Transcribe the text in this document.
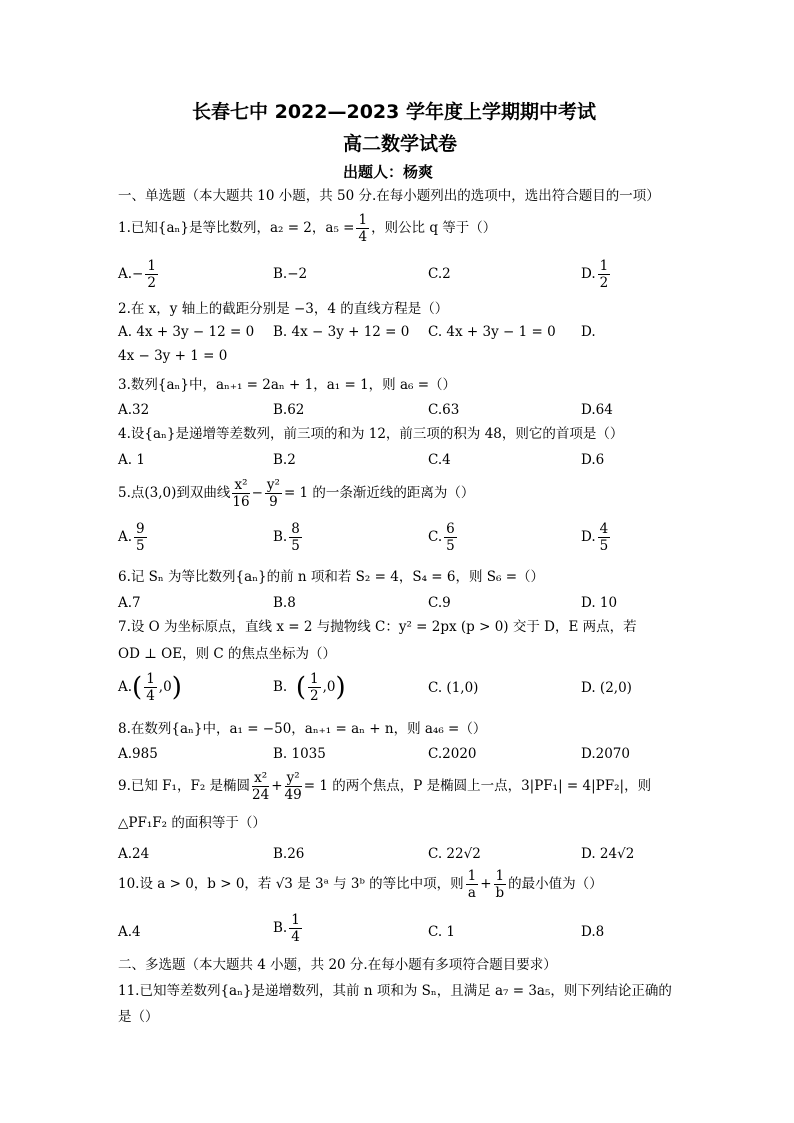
长春七中 2022—2023 学年度上学期期中考试
高二数学试卷
出题人：杨爽
一、单选题（本大题共 10 小题，共 50 分.在每小题列出的选项中，选出符合题目的一项）
1.已知{aₙ}是等比数列，a₂ = 2，$a_5 = \frac{1}{4}$ ，则公比 q 等于（）
$A.- \frac{1}{2}$	B.−2	C.2	D. $\frac{1}{2}$
2.在 x，y 轴上的截距分别是 −3，4 的直线方程是（）
A. 4x + 3y − 12 = 0 B. 4x − 3y + 12 = 0 C. 4x + 3y − 1 = 0 D.
4x − 3y + 1 = 0
3.数列{aₙ}中，aₙ₊₁ = 2aₙ + 1，a₁ = 1，则 a₆ =（）
A.32	B.62	C.63	D.64
4.设{aₙ}是递增等差数列，前三项的和为 12，前三项的积为 48，则它的首项是（）
A. 1	B.2	C.4	D.6
5.点(3,0)到双曲线 $\frac{\text{x²}}{16} - \frac{\text{y²}}{9} = 1$ 的一条渐近线的距离为（）
A. $\frac{9}{5}$	B. $\frac{8}{5}$	C. $\frac{6}{5}$	D. $\frac{4}{5}$
6.记 Sₙ 为等比数列{aₙ}的前 n 项和若 S₂ = 4，S₄ = 6，则 S₆ =（）
A.7	B.8	C.9	D. 10
7.设 O 为坐标原点，直线 x = 2 与抛物线 C：y² = 2px (p > 0) 交于 D，E 两点，若
OD ⊥ OE，则 C 的焦点坐标为（）
$A.( \frac{1}{4} ,0)$	B. ( $\frac{1}{2} ,0$)	C. (1,0)	D. (2,0)
8.在数列{aₙ}中，a₁ = −50，aₙ₊₁ = aₙ + n，则 a₄₆ =（）
A.985	B. 1035	C.2020	D.2070
9.已知 F₁，F₂ 是椭圆 $\frac{\text{x²}}{24} + \frac{\text{y²}}{49} = 1$ 的两个焦点，P 是椭圆上一点，3|PF₁| = 4|PF₂|，则
△PF₁F₂ 的面积等于（）
A.24	B.26	C. 22√2	D. 24√2
10.设 a > 0，b > 0，若 √3 是 3ᵃ 与 3ᵇ 的等比中项，则 $\frac{1}{a} + \frac{1}{b}$ 的最小值为（）
A.4	B. $\frac{1}{4}$	C. 1	D.8
二、多选题（本大题共 4 小题，共 20 分.在每小题有多项符合题目要求）
11.已知等差数列{aₙ}是递增数列，其前 n 项和为 Sₙ，且满足 a₇ = 3a₅，则下列结论正确的
是（）
